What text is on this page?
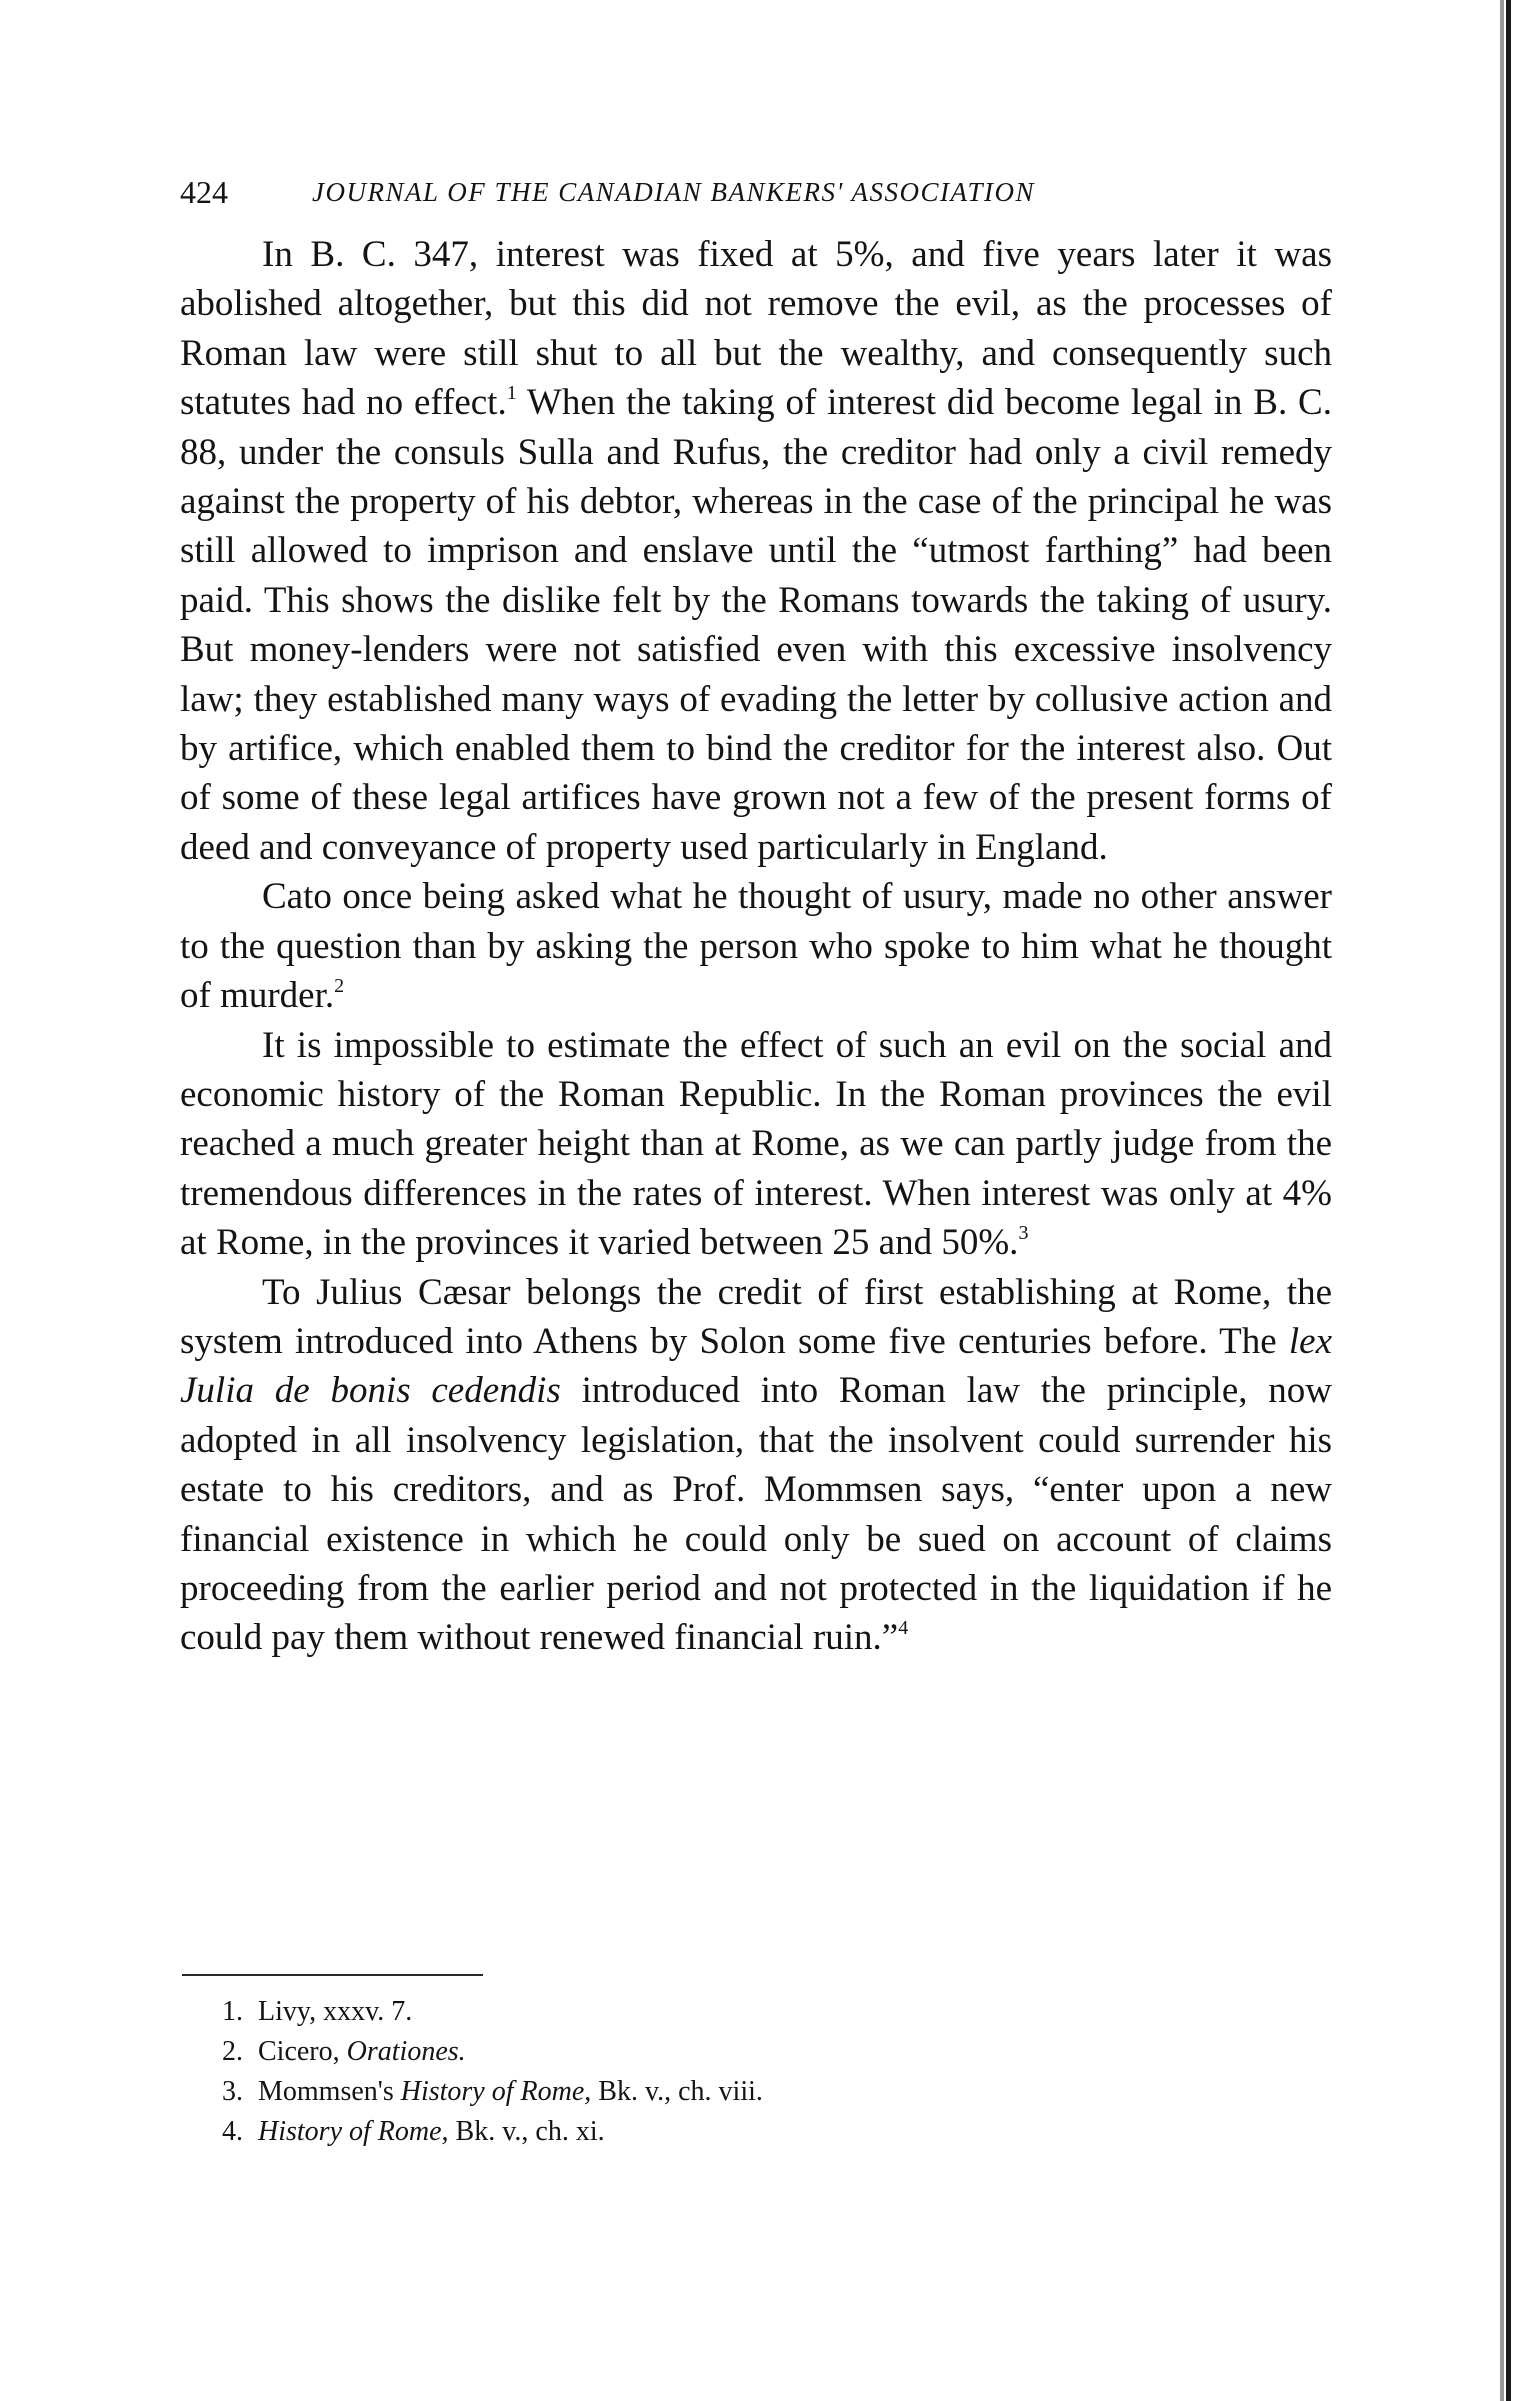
424	JOURNAL OF THE CANADIAN BANKERS' ASSOCIATION

In B. C. 347, interest was fixed at 5%, and five years later it was abolished altogether, but this did not remove the evil, as the processes of Roman law were still shut to all but the wealthy, and consequently such statutes had no effect.$^1$ When the taking of interest did become legal in B. C. 88, under the consuls Sulla and Rufus, the creditor had only a civil remedy against the property of his debtor, whereas in the case of the principal he was still allowed to imprison and enslave until the “utmost farthing” had been paid. This shows the dislike felt by the Romans towards the taking of usury. But money-lenders were not satisfied even with this excessive insolvency law; they established many ways of evading the letter by collusive action and by artifice, which enabled them to bind the creditor for the interest also. Out of some of these legal artifices have grown not a few of the present forms of deed and conveyance of property used particularly in England.

Cato once being asked what he thought of usury, made no other answer to the question than by asking the person who spoke to him what he thought of murder.$^2$

It is impossible to estimate the effect of such an evil on the social and economic history of the Roman Republic. In the Roman provinces the evil reached a much greater height than at Rome, as we can partly judge from the tremendous differences in the rates of interest. When interest was only at 4% at Rome, in the provinces it varied between 25 and 50%.$^3$

To Julius Cæsar belongs the credit of first establishing at Rome, the system introduced into Athens by Solon some five centuries before. The lex Julia de bonis cedendis introduced into Roman law the principle, now adopted in all insolvency legislation, that the insolvent could surrender his estate to his creditors, and as Prof. Mommsen says, “enter upon a new financial existence in which he could only be sued on account of claims proceeding from the earlier period and not protected in the liquidation if he could pay them without renewed financial ruin.”$^4$

1. Livy, xxxv. 7.
2. Cicero, Orationes.
3. Mommsen's History of Rome, Bk. v., ch. viii.
4. History of Rome, Bk. v., ch. xi.
